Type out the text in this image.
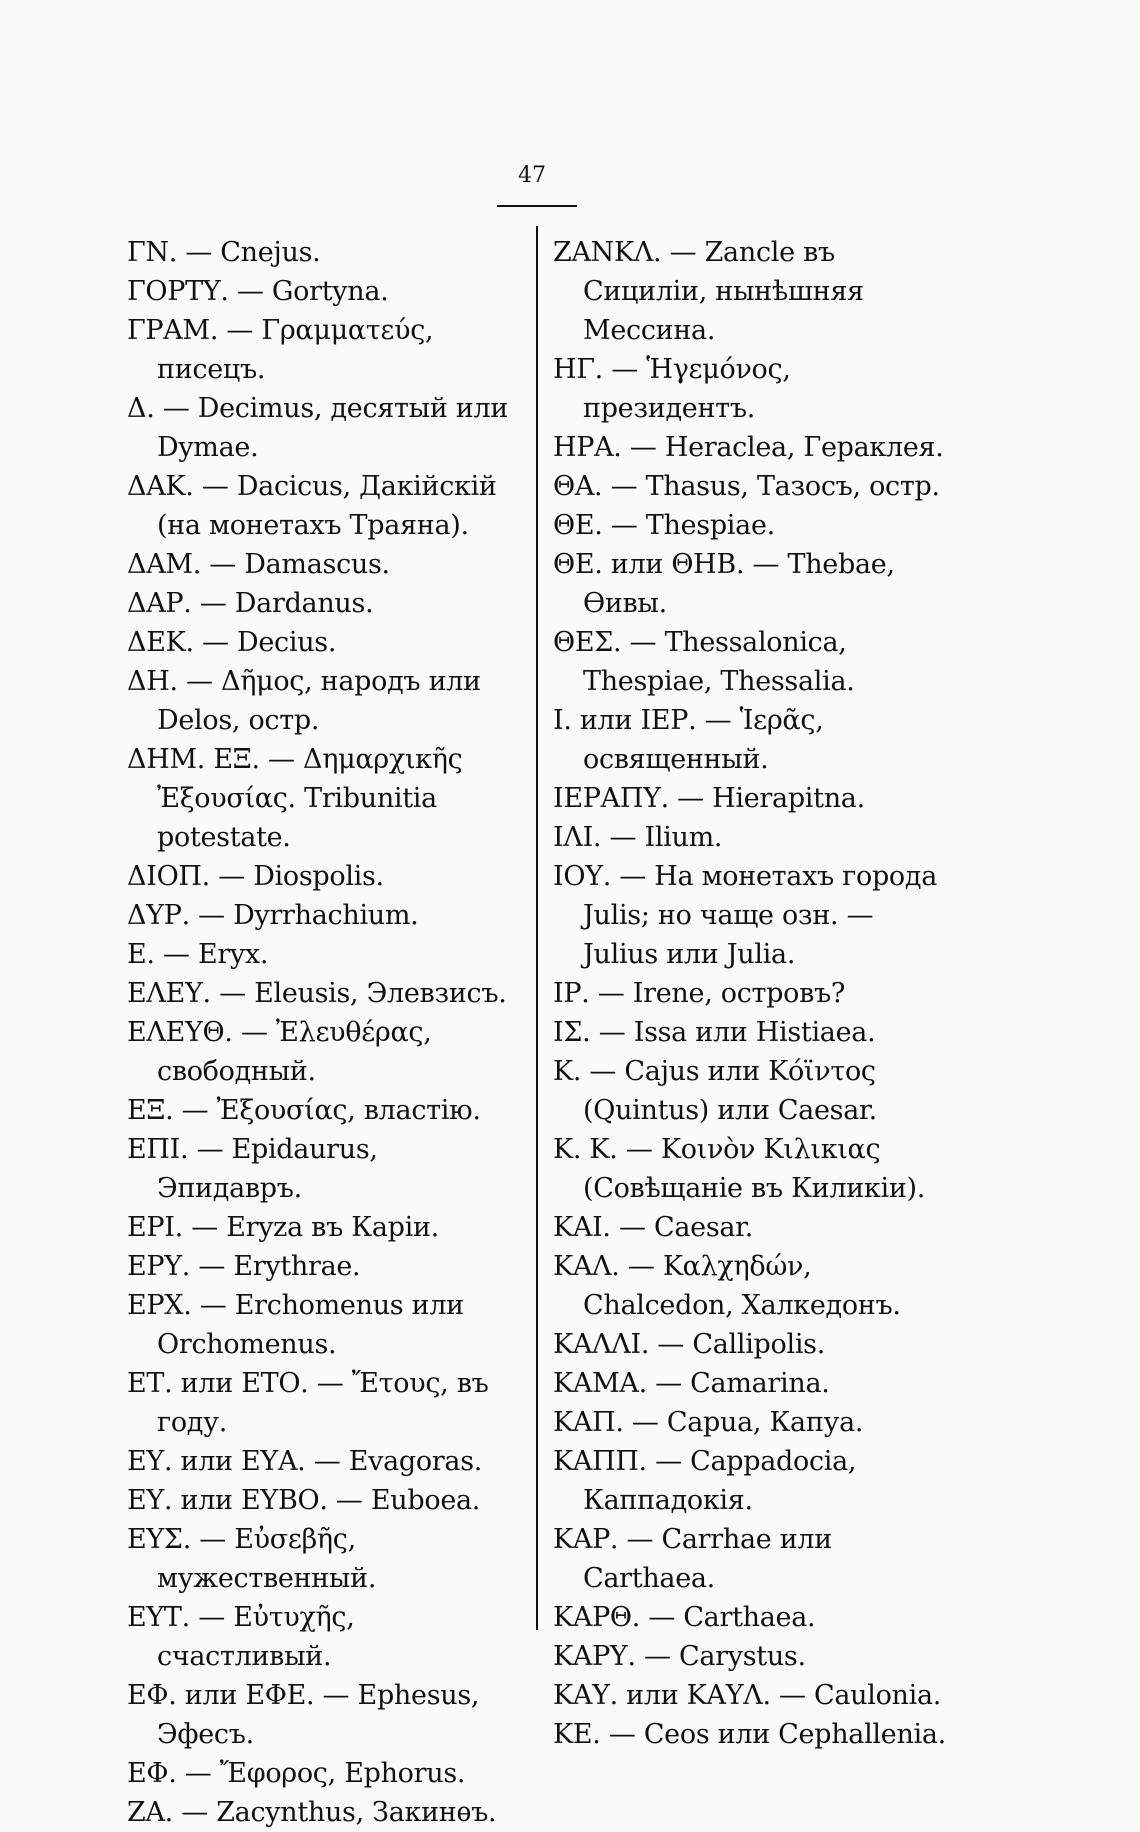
47

ΓΝ. — Cnejus.

ΓΟΡΤΥ. — Gortyna.

ΓΡΑΜ. — Γραμματεύς, писецъ.

Δ. — Decimus, десятый или Dymae.

ΔΑΚ. — Dacicus, Дакійскій (на монетахъ Траяна).

ΔΑΜ. — Damascus.

ΔΑΡ. — Dardanus.

ΔΕΚ. — Decius.

ΔΗ. — Δῆμος, народъ или Delos, остр.

ΔΗΜ. ΕΞ. — Δημαρχικῆς Ἐξουσίας. Tribunitia potestate.

ΔΙΟΠ. — Diospolis.

ΔΥΡ. — Dyrrhachium.

Ε. — Eryx.

ΕΛΕΥ. — Eleusis, Элевзисъ.

ΕΛΕΥΘ. — Ἐλευθέρας, свободный.

ΕΞ. — Ἐξουσίας, властію.

ΕΠΙ. — Epidaurus, Эпидавръ.

ΕΡΙ. — Eryza въ Каріи.

ΕΡΥ. — Erythrae.

ΕΡΧ. — Erchomenus или Orchomenus.

ΕΤ. или ΕΤΟ. — Ἔτους, въ году.

ΕΥ. или ΕΥΑ. — Evagoras.

ΕΥ. или ΕΥΒΟ. — Euboea.

ΕΥΣ. — Εὐσεβῆς, мужественный.

ΕΥΤ. — Εὐτυχῆς, счастливый.

ΕΦ. или ΕΦΕ. — Ephesus, Эфесъ.

ΕΦ. — Ἔφορος, Ephorus.

ΖΑ. — Zacynthus, Закинѳъ.

ΖΑΝΚΛ. — Zancle въ Сициліи, нынѣшняя Мессина.

ΗΓ. — Ἡγεμόνος, президентъ.

ΗΡΑ. — Heraclea, Гераклея.

ΘΑ. — Thasus, Тазосъ, остр.

ΘΕ. — Thespiae.

ΘΕ. или ΘΗΒ. — Thebae, Ѳивы.

ΘΕΣ. — Thessalonica, Thespiae, Thessalia.

Ι. или ΙΕΡ. — Ἱερᾶς, освященный.

ΙΕΡΑΠΥ. — Hierapitna.

ΙΛΙ. — Ilium.

ΙΟΥ. — На монетахъ города Julis; но чаще озн. — Julius или Julia.

ΙΡ. — Irene, островъ?

ΙΣ. — Issa или Histiaea.

Κ. — Cajus или Κόϊντος (Quintus) или Caesar.

Κ. Κ. — Κοινὸν Κιλικιας (Совѣщаніе въ Киликіи).

ΚΑΙ. — Caesar.

ΚΑΛ. — Καλχηδών, Chalcedon, Халкедонъ.

ΚΑΛΛΙ. — Callipolis.

ΚΑΜΑ. — Camarina.

ΚΑΠ. — Capua, Капуа.

ΚΑΠΠ. — Cappadocia, Каппадокія.

ΚΑΡ. — Carrhae или Carthaea.

ΚΑΡΘ. — Carthaea.

ΚΑΡΥ. — Carystus.

ΚΑΥ. или ΚΑΥΛ. — Caulonia.

ΚΕ. — Ceos или Cephallenia.
